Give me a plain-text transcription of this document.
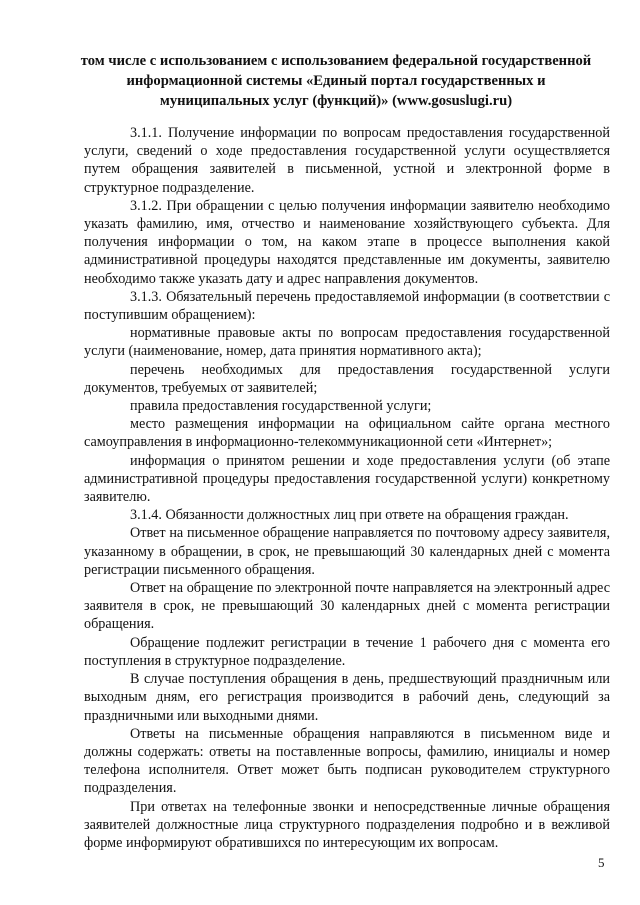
том числе с использованием с использованием федеральной государственной
информационной системы «Единый портал государственных и
муниципальных услуг (функций)» (www.gosuslugi.ru)

3.1.1. Получение информации по вопросам предоставления государственной услуги, сведений о ходе предоставления государственной услуги осуществляется путем обращения заявителей в письменной, устной и электронной форме в структурное подразделение.

3.1.2. При обращении с целью получения информации заявителю необходимо указать фамилию, имя, отчество и наименование хозяйствующего субъекта. Для получения информации о том, на каком этапе в процессе выполнения какой административной процедуры находятся представленные им документы, заявителю необходимо также указать дату и адрес направления документов.

3.1.3. Обязательный перечень предоставляемой информации (в соответствии с поступившим обращением):

нормативные правовые акты по вопросам предоставления государственной услуги (наименование, номер, дата принятия нормативного акта);

перечень необходимых для предоставления государственной услуги документов, требуемых от заявителей;

правила предоставления государственной услуги;

место размещения информации на официальном сайте органа местного самоуправления в информационно-телекоммуникационной сети «Интернет»;

информация о принятом решении и ходе предоставления услуги (об этапе административной процедуры предоставления государственной услуги) конкретному заявителю.

3.1.4. Обязанности должностных лиц при ответе на обращения граждан.

Ответ на письменное обращение направляется по почтовому адресу заявителя, указанному в обращении, в срок, не превышающий 30 календарных дней с момента регистрации письменного обращения.

Ответ на обращение по электронной почте направляется на электронный адрес заявителя в срок, не превышающий 30 календарных дней с момента регистрации обращения.

Обращение подлежит регистрации в течение 1 рабочего дня с момента его поступления в структурное подразделение.

В случае поступления обращения в день, предшествующий праздничным или выходным дням, его регистрация производится в рабочий день, следующий за праздничными или выходными днями.

Ответы на письменные обращения направляются в письменном виде и должны содержать: ответы на поставленные вопросы, фамилию, инициалы и номер телефона исполнителя. Ответ может быть подписан руководителем структурного подразделения.

При ответах на телефонные звонки и непосредственные личные обращения заявителей должностные лица структурного подразделения подробно и в вежливой форме информируют обратившихся по интересующим их вопросам.

5
